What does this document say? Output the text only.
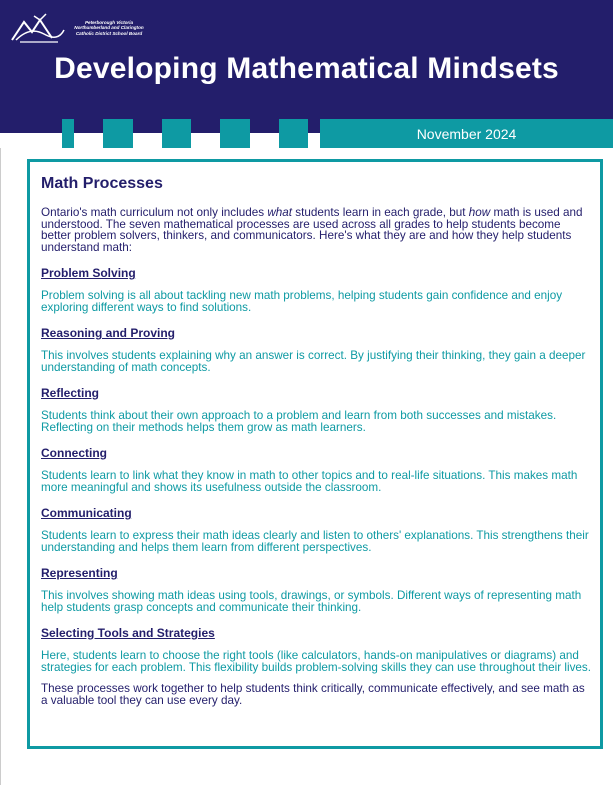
Peterborough Victoria
Northumberland and Clarington
Catholic District School Board
Developing Mathematical Mindsets
November 2024
Math Processes

Ontario's math curriculum not only includes what students learn in each grade, but how math is used and understood. The seven mathematical processes are used across all grades to help students become better problem solvers, thinkers, and communicators. Here's what they are and how they help students understand math:

Problem Solving

Problem solving is all about tackling new math problems, helping students gain confidence and enjoy exploring different ways to find solutions.

Reasoning and Proving

This involves students explaining why an answer is correct. By justifying their thinking, they gain a deeper understanding of math concepts.

Reflecting

Students think about their own approach to a problem and learn from both successes and mistakes. Reflecting on their methods helps them grow as math learners.

Connecting

Students learn to link what they know in math to other topics and to real-life situations. This makes math more meaningful and shows its usefulness outside the classroom.

Communicating

Students learn to express their math ideas clearly and listen to others' explanations. This strengthens their understanding and helps them learn from different perspectives.

Representing

This involves showing math ideas using tools, drawings, or symbols. Different ways of representing math help students grasp concepts and communicate their thinking.

Selecting Tools and Strategies

Here, students learn to choose the right tools (like calculators, hands-on manipulatives or diagrams) and strategies for each problem. This flexibility builds problem-solving skills they can use throughout their lives.

These processes work together to help students think critically, communicate effectively, and see math as a valuable tool they can use every day.
